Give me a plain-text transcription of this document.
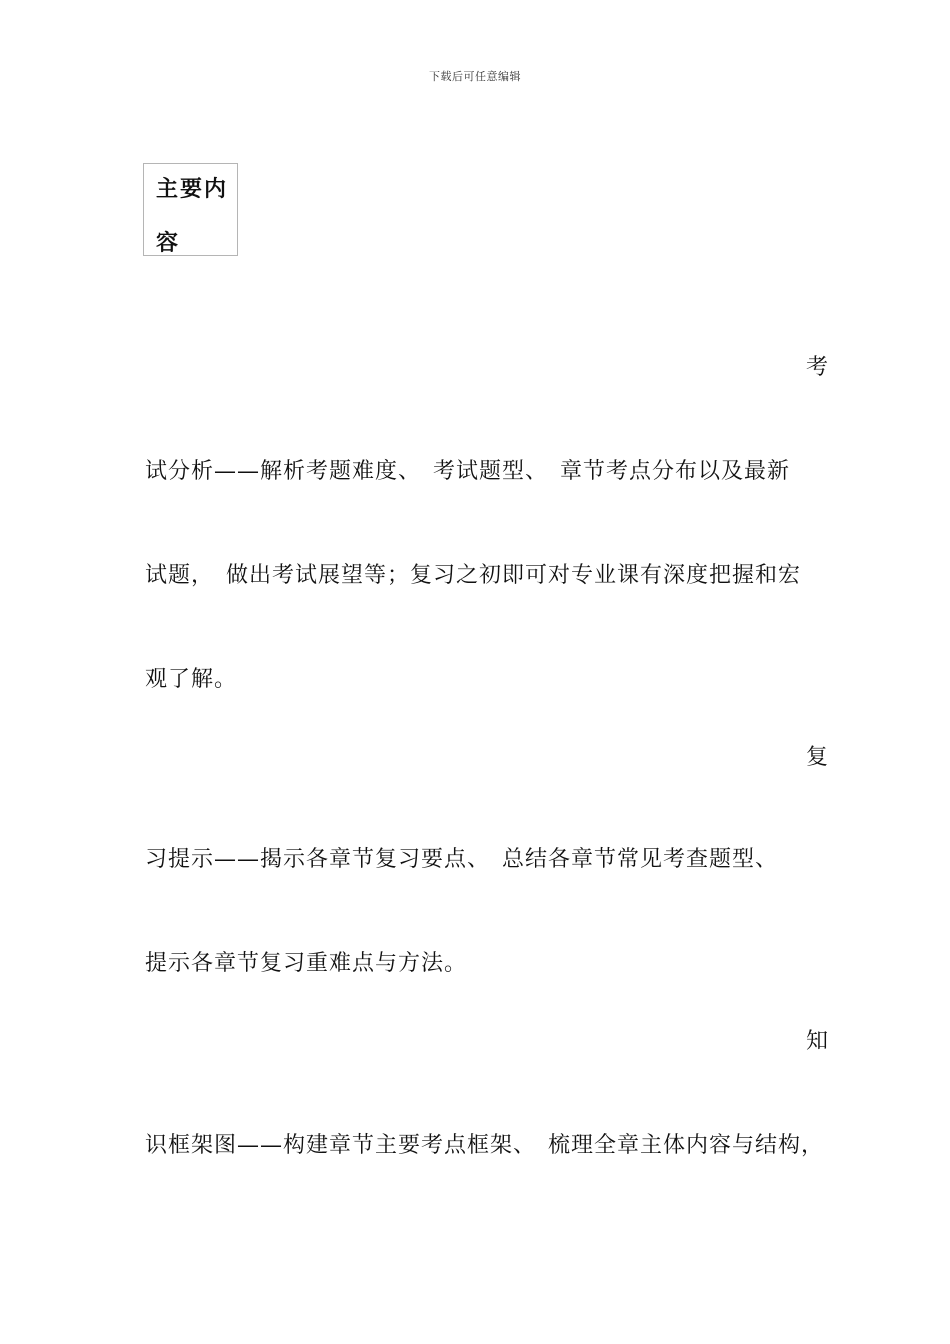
下载后可任意编辑
主要内
容
考
试分析——解析考题难度、 考试题型、 章节考点分布以及最新
试题， 做出考试展望等；复习之初即可对专业课有深度把握和宏
观了解。
复
习提示——揭示各章节复习要点、 总结各章节常见考查题型、
提示各章节复习重难点与方法。
知
识框架图——构建章节主要考点框架、 梳理全章主体内容与结构，
